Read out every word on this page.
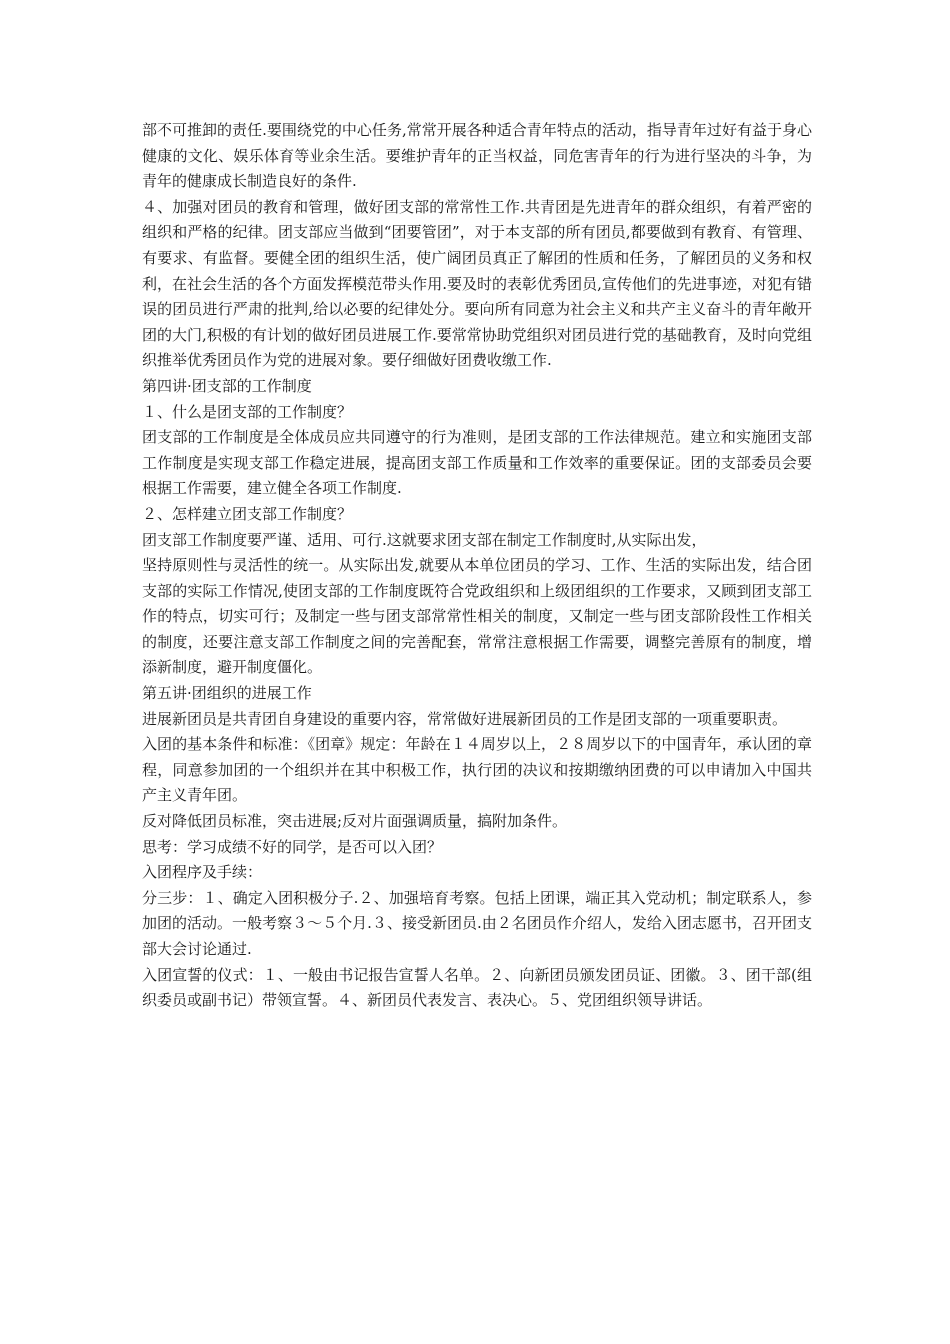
部不可推卸的责任.要围绕党的中心任务,常常开展各种适合青年特点的活动，指导青年过好有益于身心健康的文化、娱乐体育等业余生活。要维护青年的正当权益，同危害青年的行为进行坚决的斗争，为青年的健康成长制造良好的条件.

４、加强对团员的教育和管理，做好团支部的常常性工作.共青团是先进青年的群众组织，有着严密的组织和严格的纪律。团支部应当做到“团要管团”，对于本支部的所有团员,都要做到有教育、有管理、有要求、有监督。要健全团的组织生活，使广阔团员真正了解团的性质和任务，了解团员的义务和权利，在社会生活的各个方面发挥模范带头作用.要及时的表彰优秀团员,宣传他们的先进事迹，对犯有错误的团员进行严肃的批判,给以必要的纪律处分。要向所有同意为社会主义和共产主义奋斗的青年敞开团的大门,积极的有计划的做好团员进展工作.要常常协助党组织对团员进行党的基础教育，及时向党组织推举优秀团员作为党的进展对象。要仔细做好团费收缴工作.

第四讲·团支部的工作制度

１、什么是团支部的工作制度？

团支部的工作制度是全体成员应共同遵守的行为准则，是团支部的工作法律规范。建立和实施团支部工作制度是实现支部工作稳定进展，提高团支部工作质量和工作效率的重要保证。团的支部委员会要根据工作需要，建立健全各项工作制度.

２、怎样建立团支部工作制度？

团支部工作制度要严谨、适用、可行.这就要求团支部在制定工作制度时,从实际出发，

坚持原则性与灵活性的统一。从实际出发,就要从本单位团员的学习、工作、生活的实际出发，结合团支部的实际工作情况,使团支部的工作制度既符合党政组织和上级团组织的工作要求，又顾到团支部工作的特点，切实可行；及制定一些与团支部常常性相关的制度，又制定一些与团支部阶段性工作相关的制度，还要注意支部工作制度之间的完善配套，常常注意根据工作需要，调整完善原有的制度，增添新制度，避开制度僵化。

第五讲·团组织的进展工作

进展新团员是共青团自身建设的重要内容，常常做好进展新团员的工作是团支部的一项重要职责。

入团的基本条件和标准：《团章》规定：年龄在１４周岁以上，２８周岁以下的中国青年，承认团的章程，同意参加团的一个组织并在其中积极工作，执行团的决议和按期缴纳团费的可以申请加入中国共产主义青年团。

反对降低团员标准，突击进展;反对片面强调质量，搞附加条件。

思考：学习成绩不好的同学，是否可以入团？

入团程序及手续：

分三步：１、确定入团积极分子.２、加强培育考察。包括上团课，端正其入党动机；制定联系人，参加团的活动。一般考察３～５个月.３、接受新团员.由２名团员作介绍人，发给入团志愿书，召开团支部大会讨论通过.

入团宣誓的仪式：１、一般由书记报告宣誓人名单。２、向新团员颁发团员证、团徽。３、团干部(组织委员或副书记）带领宣誓。４、新团员代表发言、表决心。５、党团组织领导讲话。
